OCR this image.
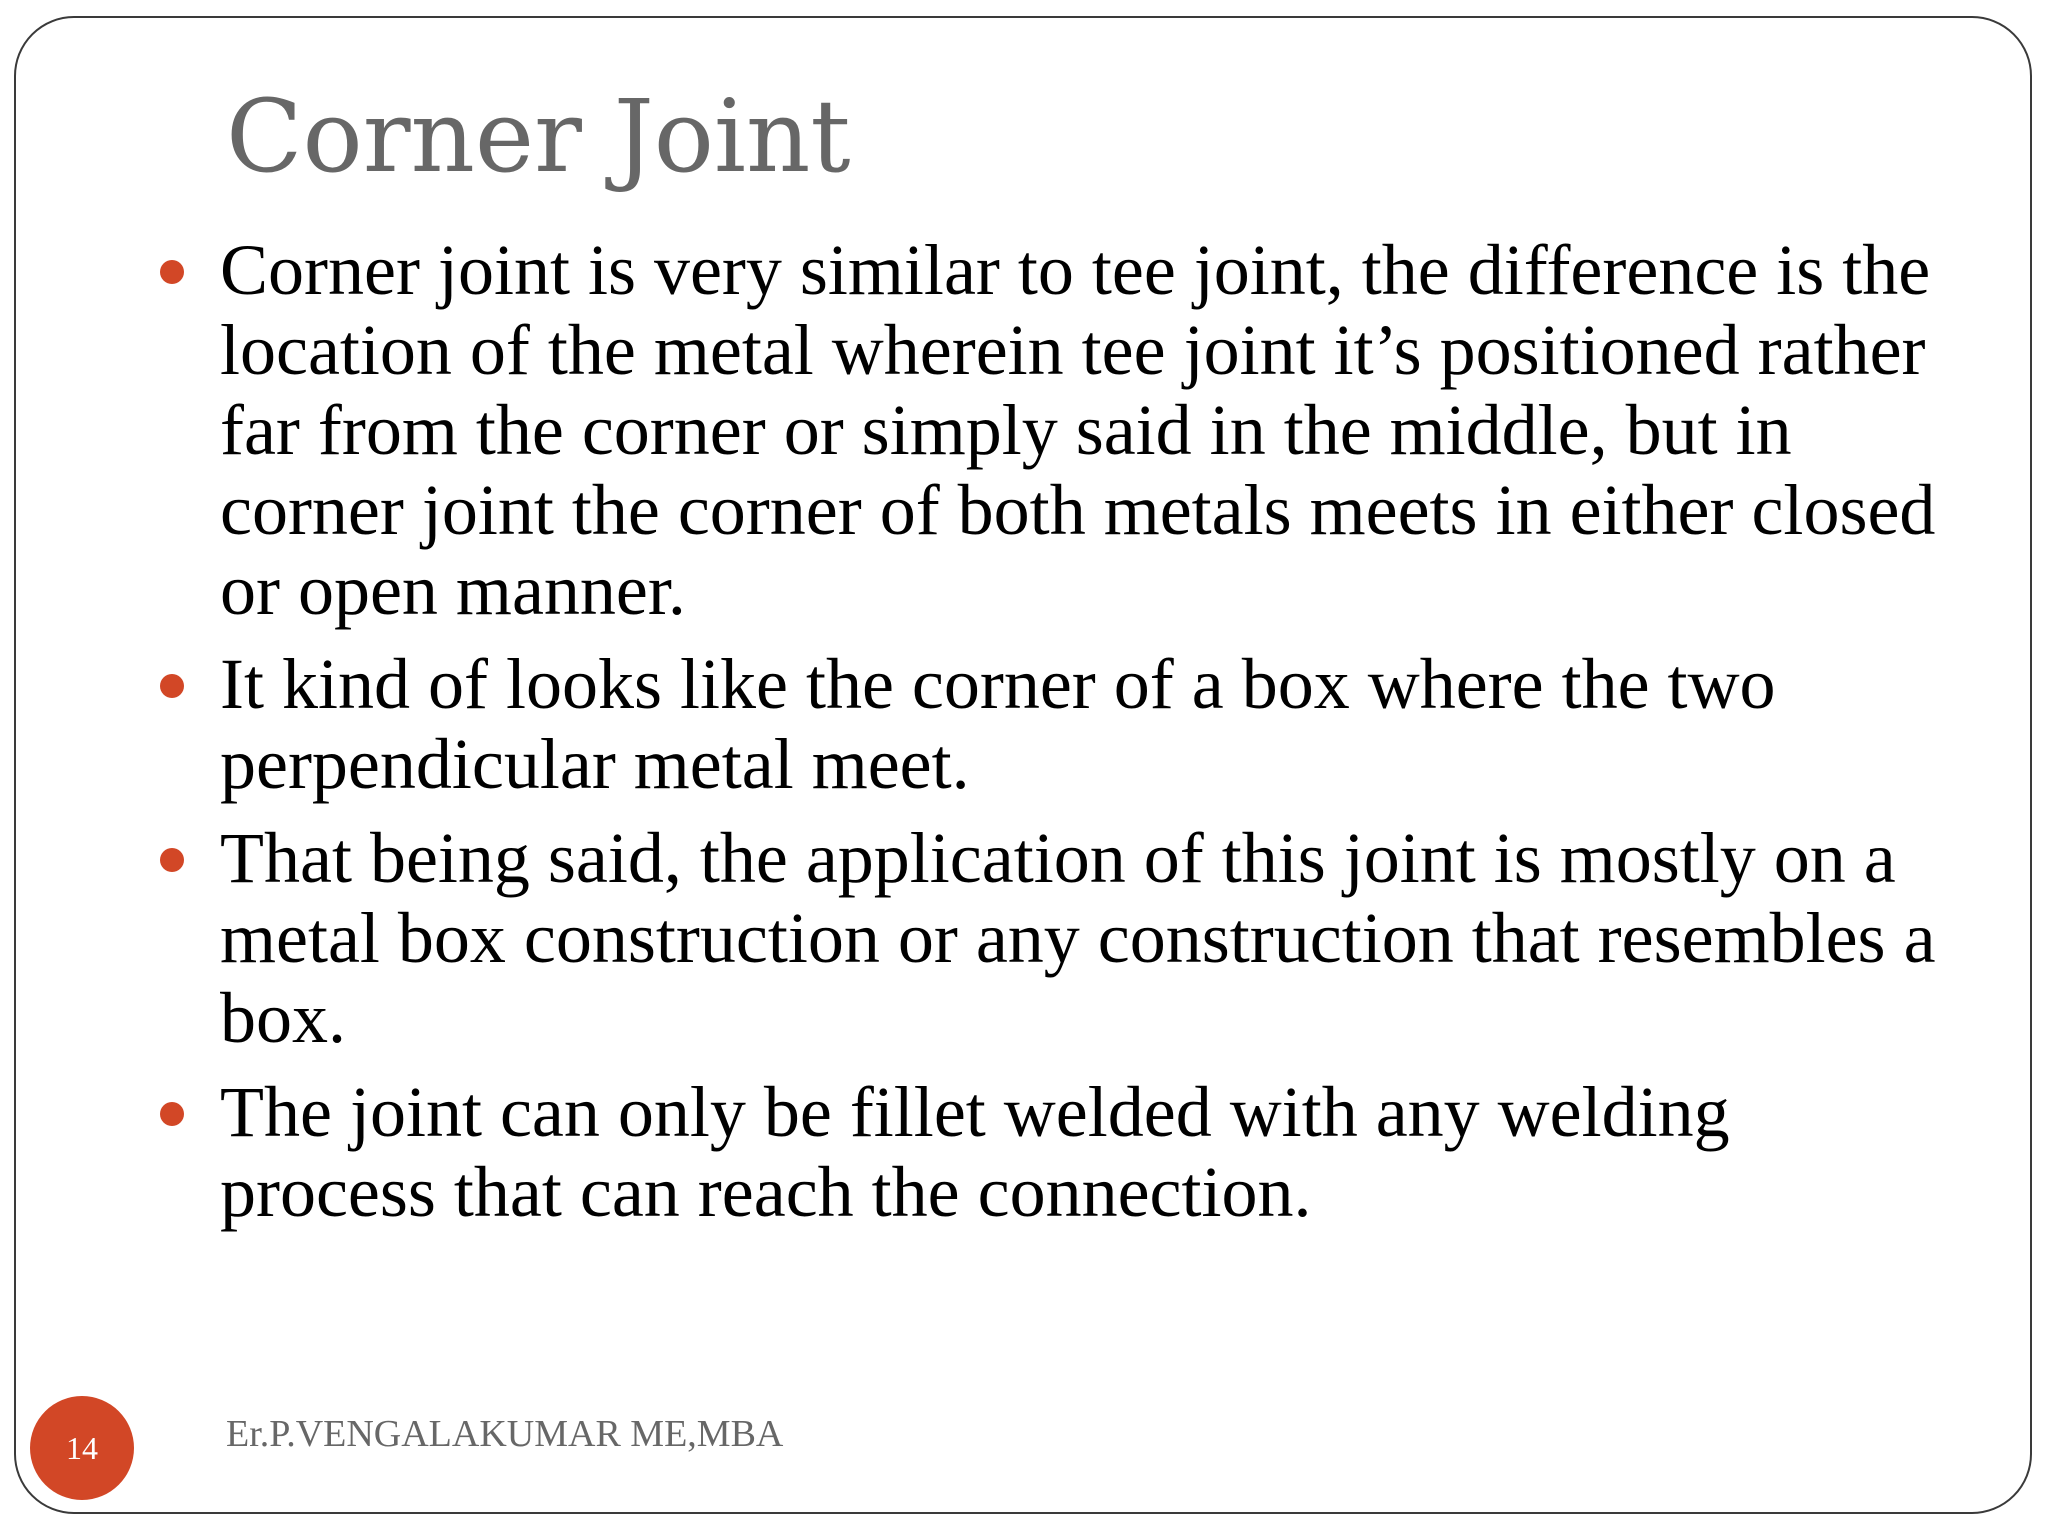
Corner Joint
Corner joint is very similar to tee joint, the difference is the location of the metal wherein tee joint it’s positioned rather far from the corner or simply said in the middle, but in corner joint the corner of both metals meets in either closed or open manner.
It kind of looks like the corner of a box where the two perpendicular metal meet.
That being said, the application of this joint is mostly on a metal box construction or any construction that resembles a box.
The joint can only be fillet welded with any welding process that can reach the connection.
14	Er.P.VENGALAKUMAR ME,MBA
